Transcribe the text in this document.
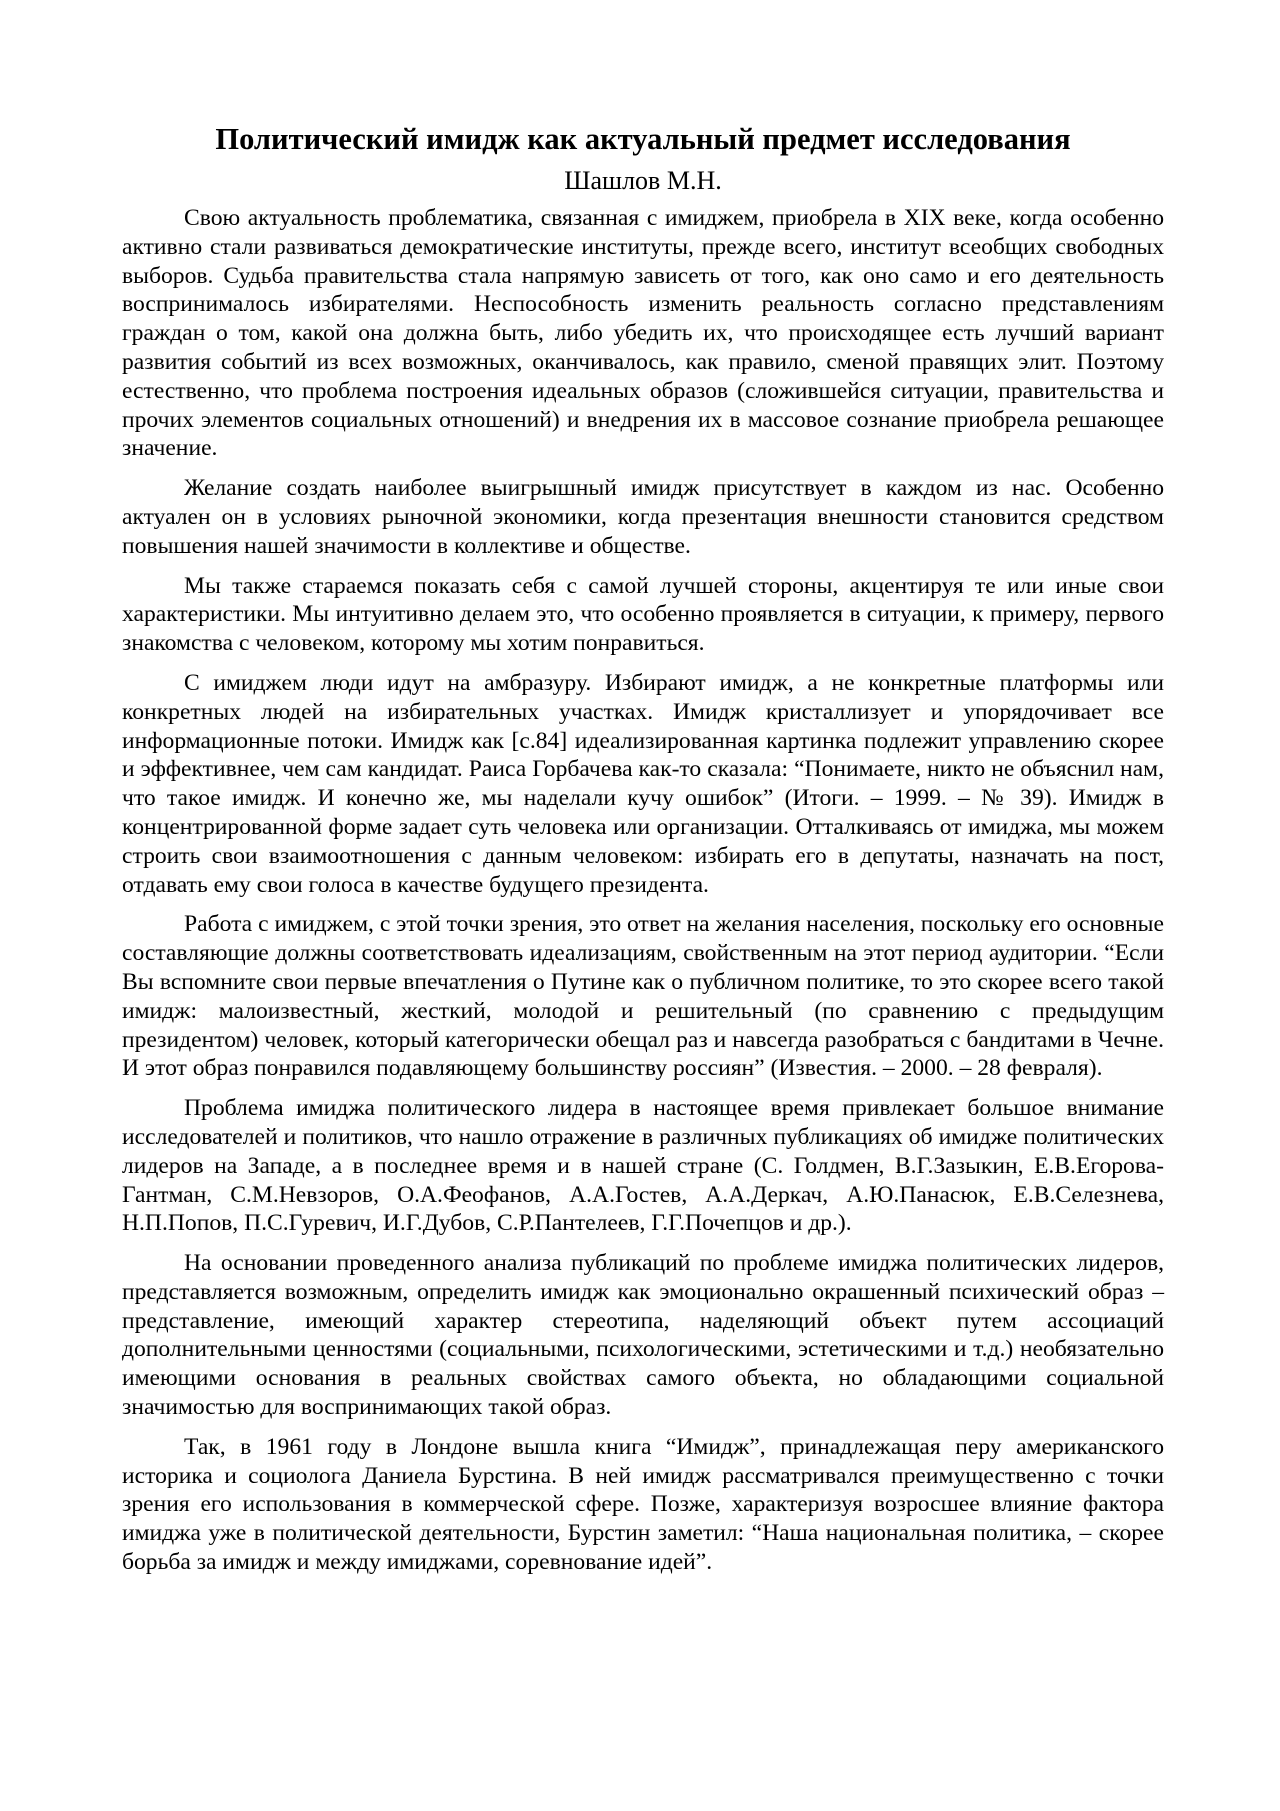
Политический имидж как актуальный предмет исследования
Шашлов М.Н.

Свою актуальность проблематика, связанная с имиджем, приобрела в XIX веке, когда особенно активно стали развиваться демократические институты, прежде всего, институт всеобщих свободных выборов. Судьба правительства стала напрямую зависеть от того, как оно само и его деятельность воспринималось избирателями. Неспособность изменить реальность согласно представлениям граждан о том, какой она должна быть, либо убедить их, что происходящее есть лучший вариант развития событий из всех возможных, оканчивалось, как правило, сменой правящих элит. Поэтому естественно, что проблема построения идеальных образов (сложившейся ситуации, правительства и прочих элементов социальных отношений) и внедрения их в массовое сознание приобрела решающее значение.

Желание создать наиболее выигрышный имидж присутствует в каждом из нас. Особенно актуален он в условиях рыночной экономики, когда презентация внешности становится средством повышения нашей значимости в коллективе и обществе.

Мы также стараемся показать себя с самой лучшей стороны, акцентируя те или иные свои характеристики. Мы интуитивно делаем это, что особенно проявляется в ситуации, к примеру, первого знакомства с человеком, которому мы хотим понравиться.

С имиджем люди идут на амбразуру. Избирают имидж, а не конкретные платформы или конкретных людей на избирательных участках. Имидж кристаллизует и упорядочивает все информационные потоки. Имидж как [с.84] идеализированная картинка подлежит управлению скорее и эффективнее, чем сам кандидат. Раиса Горбачева как-то сказала: “Понимаете, никто не объяснил нам, что такое имидж. И конечно же, мы наделали кучу ошибок” (Итоги. – 1999. – № 39). Имидж в концентрированной форме задает суть человека или организации. Отталкиваясь от имиджа, мы можем строить свои взаимоотношения с данным человеком: избирать его в депутаты, назначать на пост, отдавать ему свои голоса в качестве будущего президента.

Работа с имиджем, с этой точки зрения, это ответ на желания населения, поскольку его основные составляющие должны соответствовать идеализациям, свойственным на этот период аудитории. “Если Вы вспомните свои первые впечатления о Путине как о публичном политике, то это скорее всего такой имидж: малоизвестный, жесткий, молодой и решительный (по сравнению с предыдущим президентом) человек, который категорически обещал раз и навсегда разобраться с бандитами в Чечне. И этот образ понравился подавляющему большинству россиян” (Известия. – 2000. – 28 февраля).

Проблема имиджа политического лидера в настоящее время привлекает большое внимание исследователей и политиков, что нашло отражение в различных публикациях об имидже политических лидеров на Западе, а в последнее время и в нашей стране (С. Голдмен, В.Г.Зазыкин, Е.В.Егорова-Гантман, С.М.Невзоров, О.А.Феофанов, А.А.Гостев, А.А.Деркач, А.Ю.Панасюк, Е.В.Селезнева, Н.П.Попов, П.С.Гуревич, И.Г.Дубов, С.Р.Пантелеев, Г.Г.Почепцов и др.).

На основании проведенного анализа публикаций по проблеме имиджа политических лидеров, представляется возможным, определить имидж как эмоционально окрашенный психический образ – представление, имеющий характер стереотипа, наделяющий объект путем ассоциаций дополнительными ценностями (социальными, психологическими, эстетическими и т.д.) необязательно имеющими основания в реальных свойствах самого объекта, но обладающими социальной значимостью для воспринимающих такой образ.

Так, в 1961 году в Лондоне вышла книга “Имидж”, принадлежащая перу американского историка и социолога Даниела Бурстина. В ней имидж рассматривался преимущественно с точки зрения его использования в коммерческой сфере. Позже, характеризуя возросшее влияние фактора имиджа уже в политической деятельности, Бурстин заметил: “Наша национальная политика, – скорее борьба за имидж и между имиджами, соревнование идей”.
